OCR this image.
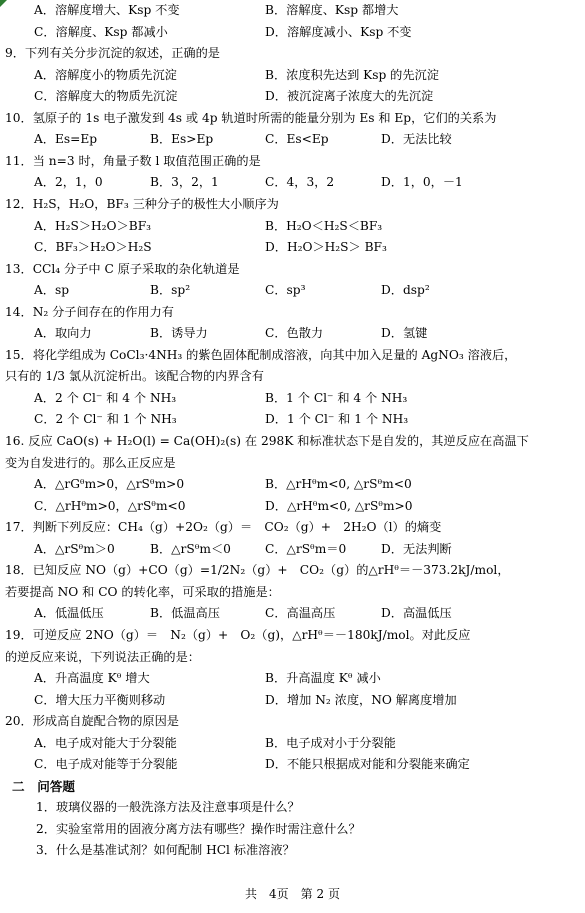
A．溶解度增大、Ksp 不变	B．溶解度、Ksp 都增大
C．溶解度、Ksp 都减小	D．溶解度减小、Ksp 不变
9．下列有关分步沉淀的叙述，正确的是
A．溶解度小的物质先沉淀	B．浓度积先达到 Ksp 的先沉淀
C．溶解度大的物质先沉淀	D．被沉淀离子浓度大的先沉淀
10．氢原子的 1s 电子激发到 4s 或 4p 轨道时所需的能量分别为 Es 和 Ep，它们的关系为
A．Es=Ep	B．Es>Ep	C．Es<Ep	D．无法比较
11．当 n=3 时，角量子数 l 取值范围正确的是
A．2，1，0	B．3，2，1	C．4，3，2	D．1，0，－1
12．H₂S，H₂O，BF₃ 三种分子的极性大小顺序为
A．H₂S＞H₂O＞BF₃	B．H₂O＜H₂S＜BF₃
C．BF₃＞H₂O＞H₂S	D．H₂O＞H₂S＞ BF₃
13．CCl₄ 分子中 C 原子采取的杂化轨道是
A．sp	B．sp²	C．sp³	D．dsp²
14．N₂ 分子间存在的作用力有
A．取向力	B．诱导力	C．色散力	D．氢键
15．将化学组成为 CoCl₃·4NH₃ 的紫色固体配制成溶液，向其中加入足量的 AgNO₃ 溶液后，
只有的 1/3 氯从沉淀析出。该配合物的内界含有
A．2 个 Cl⁻ 和 4 个 NH₃	B．1 个 Cl⁻ 和 4 个 NH₃
C．2 个 Cl⁻ 和 1 个 NH₃	D．1 个 Cl⁻ 和 1 个 NH₃
16. 反应 CaO(s) + H₂O(l) = Ca(OH)₂(s) 在 298K 和标准状态下是自发的，其逆反应在高温下
变为自发进行的。那么正反应是
A．△rGᶿm>0，△rSᶿm>0	B．△rHᶿm<0, △rSᶿm<0
C．△rHᶿm>0，△rSᶿm<0	D．△rHᶿm<0, △rSᶿm>0
17．判断下列反应：CH₄（g）+2O₂（g）＝　CO₂（g）+　2H₂O（l）的熵变
A．△rSᶿm＞0	B．△rSᶿm＜0	C．△rSᶿm＝0	D．无法判断
18．已知反应 NO（g）+CO（g）=1/2N₂（g）+　CO₂（g）的△rHᶿ＝－373.2kJ/mol，
若要提高 NO 和 CO 的转化率，可采取的措施是：
A．低温低压	B．低温高压	C．高温高压	D．高温低压
19．可逆反应 2NO（g）＝　N₂（g）+　O₂（g)，△rHᶿ＝－180kJ/mol。对此反应
的逆反应来说，下列说法正确的是：
A．升高温度 Kᶿ 增大	B．升高温度 Kᶿ 减小
C．增大压力平衡则移动	D．增加 N₂ 浓度，NO 解离度增加
20．形成高自旋配合物的原因是
A．电子成对能大于分裂能	B．电子成对小于分裂能
C．电子成对能等于分裂能	D．不能只根据成对能和分裂能来确定
二　问答题
1．玻璃仪器的一般洗涤方法及注意事项是什么？
2．实验室常用的固液分离方法有哪些？操作时需注意什么？
3．什么是基准试剂？如何配制 HCl 标准溶液？
共　4页　第 2 页
